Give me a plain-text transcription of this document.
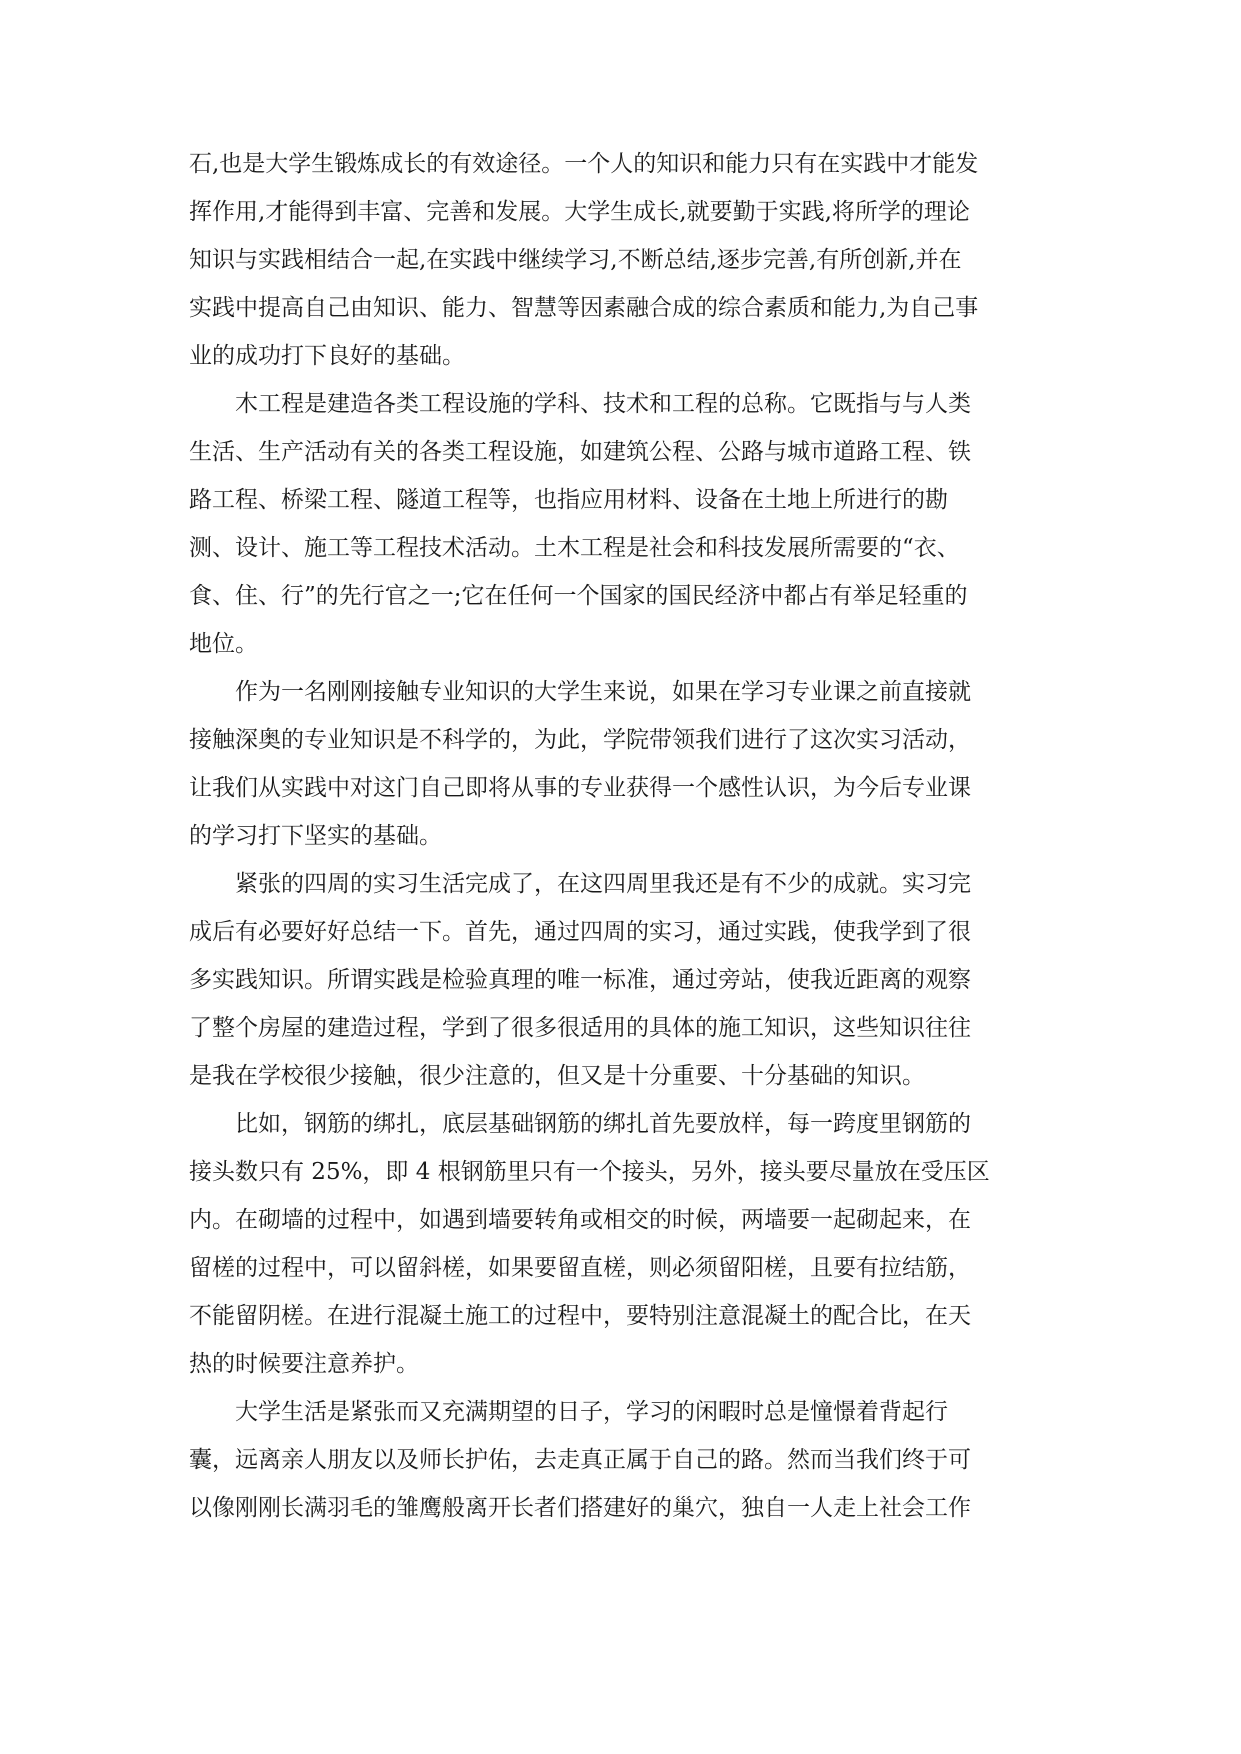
石,也是大学生锻炼成长的有效途径。一个人的知识和能力只有在实践中才能发
挥作用,才能得到丰富、完善和发展。大学生成长,就要勤于实践,将所学的理论
知识与实践相结合一起,在实践中继续学习,不断总结,逐步完善,有所创新,并在
实践中提高自己由知识、能力、智慧等因素融合成的综合素质和能力,为自己事
业的成功打下良好的基础。
木工程是建造各类工程设施的学科、技术和工程的总称。它既指与与人类
生活、生产活动有关的各类工程设施，如建筑公程、公路与城市道路工程、铁
路工程、桥梁工程、隧道工程等，也指应用材料、设备在土地上所进行的勘
测、设计、施工等工程技术活动。土木工程是社会和科技发展所需要的“衣、
食、住、行”的先行官之一;它在任何一个国家的国民经济中都占有举足轻重的
地位。
作为一名刚刚接触专业知识的大学生来说，如果在学习专业课之前直接就
接触深奥的专业知识是不科学的，为此，学院带领我们进行了这次实习活动，
让我们从实践中对这门自己即将从事的专业获得一个感性认识，为今后专业课
的学习打下坚实的基础。
紧张的四周的实习生活完成了，在这四周里我还是有不少的成就。实习完
成后有必要好好总结一下。首先，通过四周的实习，通过实践，使我学到了很
多实践知识。所谓实践是检验真理的唯一标准，通过旁站，使我近距离的观察
了整个房屋的建造过程，学到了很多很适用的具体的施工知识，这些知识往往
是我在学校很少接触，很少注意的，但又是十分重要、十分基础的知识。
比如，钢筋的绑扎，底层基础钢筋的绑扎首先要放样，每一跨度里钢筋的
接头数只有 25%，即 4 根钢筋里只有一个接头，另外，接头要尽量放在受压区
内。在砌墙的过程中，如遇到墙要转角或相交的时候，两墙要一起砌起来，在
留槎的过程中，可以留斜槎，如果要留直槎，则必须留阳槎，且要有拉结筋，
不能留阴槎。在进行混凝土施工的过程中，要特别注意混凝土的配合比，在天
热的时候要注意养护。
大学生活是紧张而又充满期望的日子，学习的闲暇时总是憧憬着背起行
囊，远离亲人朋友以及师长护佑，去走真正属于自己的路。然而当我们终于可
以像刚刚长满羽毛的雏鹰般离开长者们搭建好的巢穴，独自一人走上社会工作
